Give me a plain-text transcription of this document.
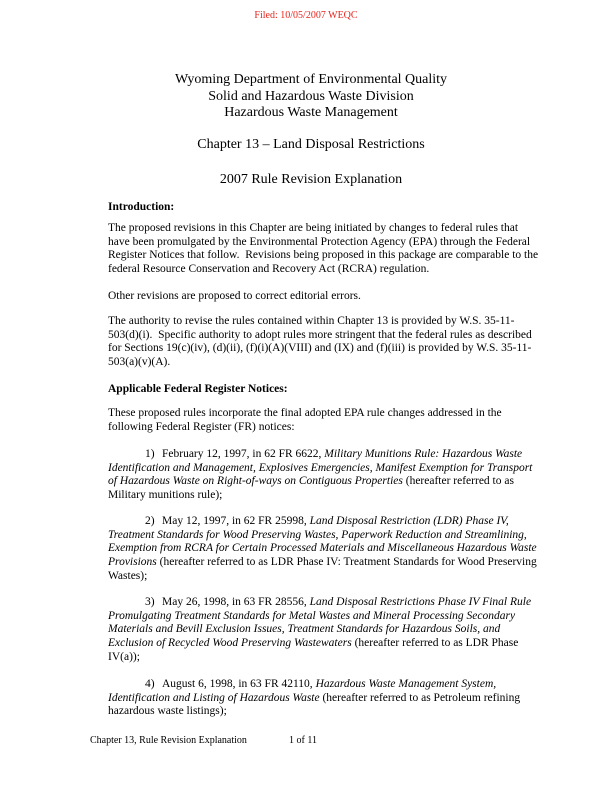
Filed: 10/05/2007 WEQC
Wyoming Department of Environmental Quality
Solid and Hazardous Waste Division
Hazardous Waste Management
Chapter 13 – Land Disposal Restrictions
2007 Rule Revision Explanation
Introduction:
The proposed revisions in this Chapter are being initiated by changes to federal rules that
have been promulgated by the Environmental Protection Agency (EPA) through the Federal
Register Notices that follow.  Revisions being proposed in this package are comparable to the
federal Resource Conservation and Recovery Act (RCRA) regulation.
Other revisions are proposed to correct editorial errors.
The authority to revise the rules contained within Chapter 13 is provided by W.S. 35-11-
503(d)(i).  Specific authority to adopt rules more stringent that the federal rules as described
for Sections 19(c)(iv), (d)(ii), (f)(i)(A)(VIII) and (IX) and (f)(iii) is provided by W.S. 35-11-
503(a)(v)(A).
Applicable Federal Register Notices:
These proposed rules incorporate the final adopted EPA rule changes addressed in the
following Federal Register (FR) notices:
1) February 12, 1997, in 62 FR 6622, Military Munitions Rule: Hazardous Waste
Identification and Management, Explosives Emergencies, Manifest Exemption for Transport
of Hazardous Waste on Right-of-ways on Contiguous Properties (hereafter referred to as
Military munitions rule);
2) May 12, 1997, in 62 FR 25998, Land Disposal Restriction (LDR) Phase IV,
Treatment Standards for Wood Preserving Wastes, Paperwork Reduction and Streamlining,
Exemption from RCRA for Certain Processed Materials and Miscellaneous Hazardous Waste
Provisions (hereafter referred to as LDR Phase IV: Treatment Standards for Wood Preserving
Wastes);
3) May 26, 1998, in 63 FR 28556, Land Disposal Restrictions Phase IV Final Rule
Promulgating Treatment Standards for Metal Wastes and Mineral Processing Secondary
Materials and Bevill Exclusion Issues, Treatment Standards for Hazardous Soils, and
Exclusion of Recycled Wood Preserving Wastewaters (hereafter referred to as LDR Phase
IV(a));
4) August 6, 1998, in 63 FR 42110, Hazardous Waste Management System,
Identification and Listing of Hazardous Waste (hereafter referred to as Petroleum refining
hazardous waste listings);
Chapter 13, Rule Revision Explanation	1 of 11
